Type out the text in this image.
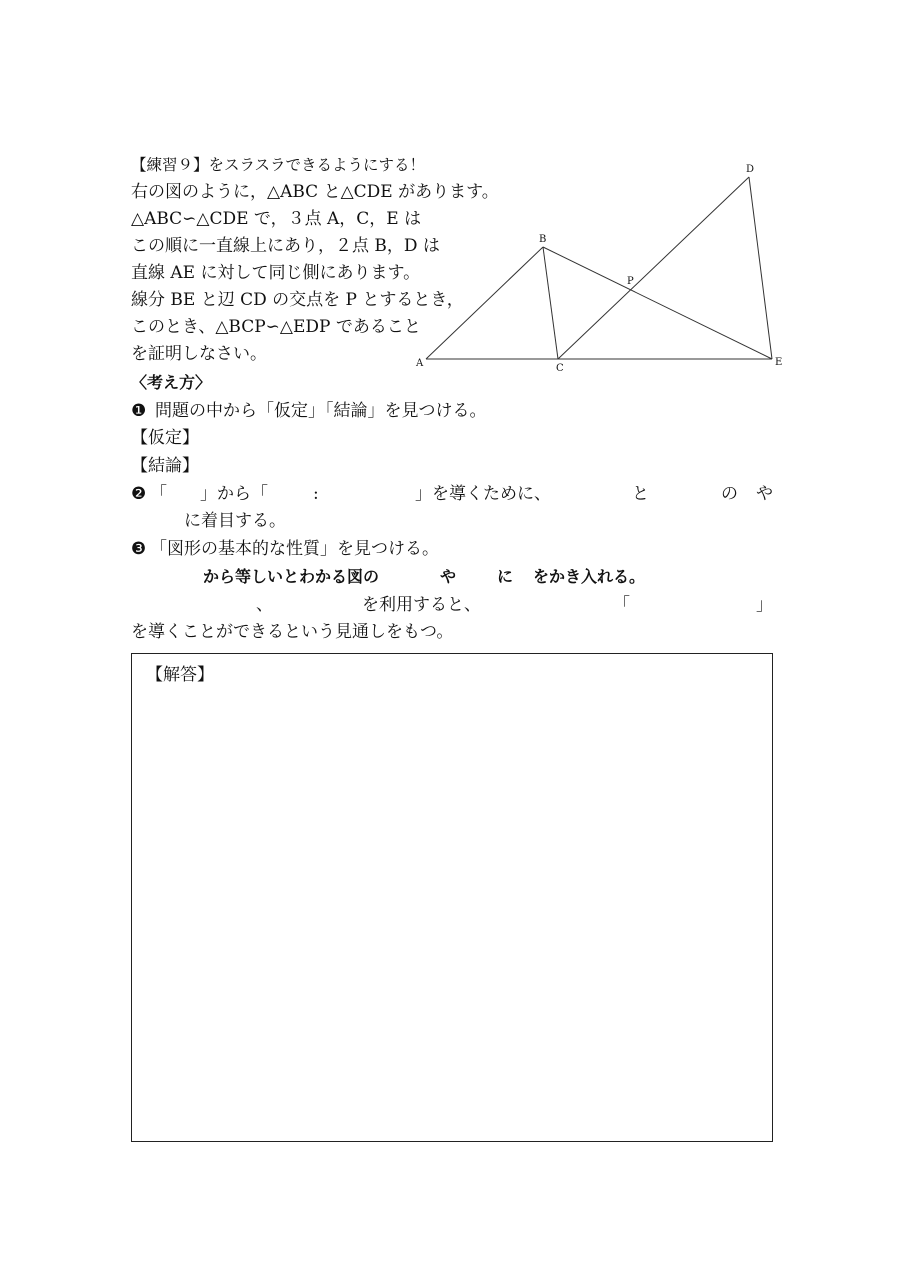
【練習９】をスラスラできるようにする！
右の図のように，△ABC と△CDE があります。
△ABC∽△CDE で，３点 A，C，E は
この順に一直線上にあり，２点 B，D は
直線 AE に対して同じ側にあります。
線分 BE と辺 CD の交点を P とするとき，
このとき、△BCP∽△EDP であること
を証明しなさい。	A
B
C
D
E
P
〈考え方〉
❶ 問題の中から「仮定」「結論」を見つける。
【仮定】
【結論】
❷ 「 」から「	:	」を導くために、	と	の や
に着目する。
❸ 「図形の基本的な性質」を見つける。
から等しいとわかる図の	や	に をかき入れる。
、	を利用すると、	「	」
を導くことができるという見通しをもつ。
【解答】
